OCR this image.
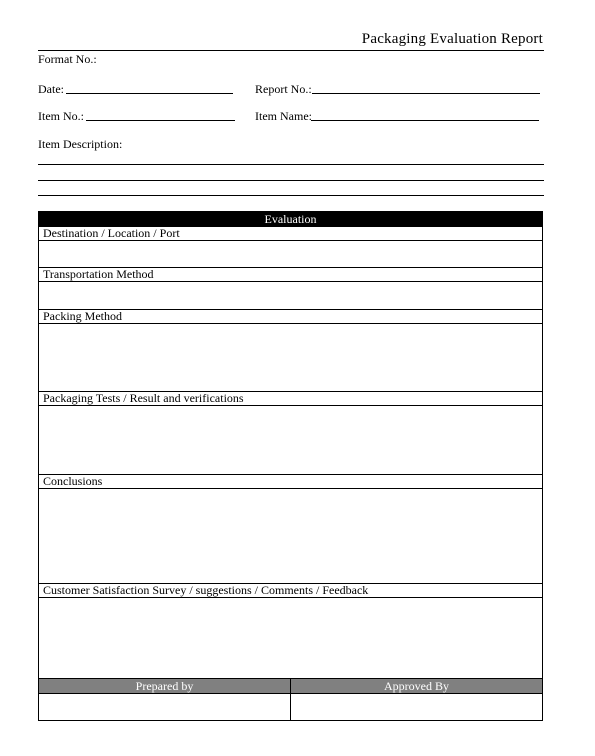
Packaging Evaluation Report
Format No.:
Date:	Report No.:
Item No.:	Item Name:
Item Description:
Evaluation	
Destination / Location / Port	

Transportation Method	

Packing Method	

Packaging Tests / Result and verifications	

Conclusions	

Customer Satisfaction Survey / suggestions / Comments / Feedback	

Prepared by	Approved By
